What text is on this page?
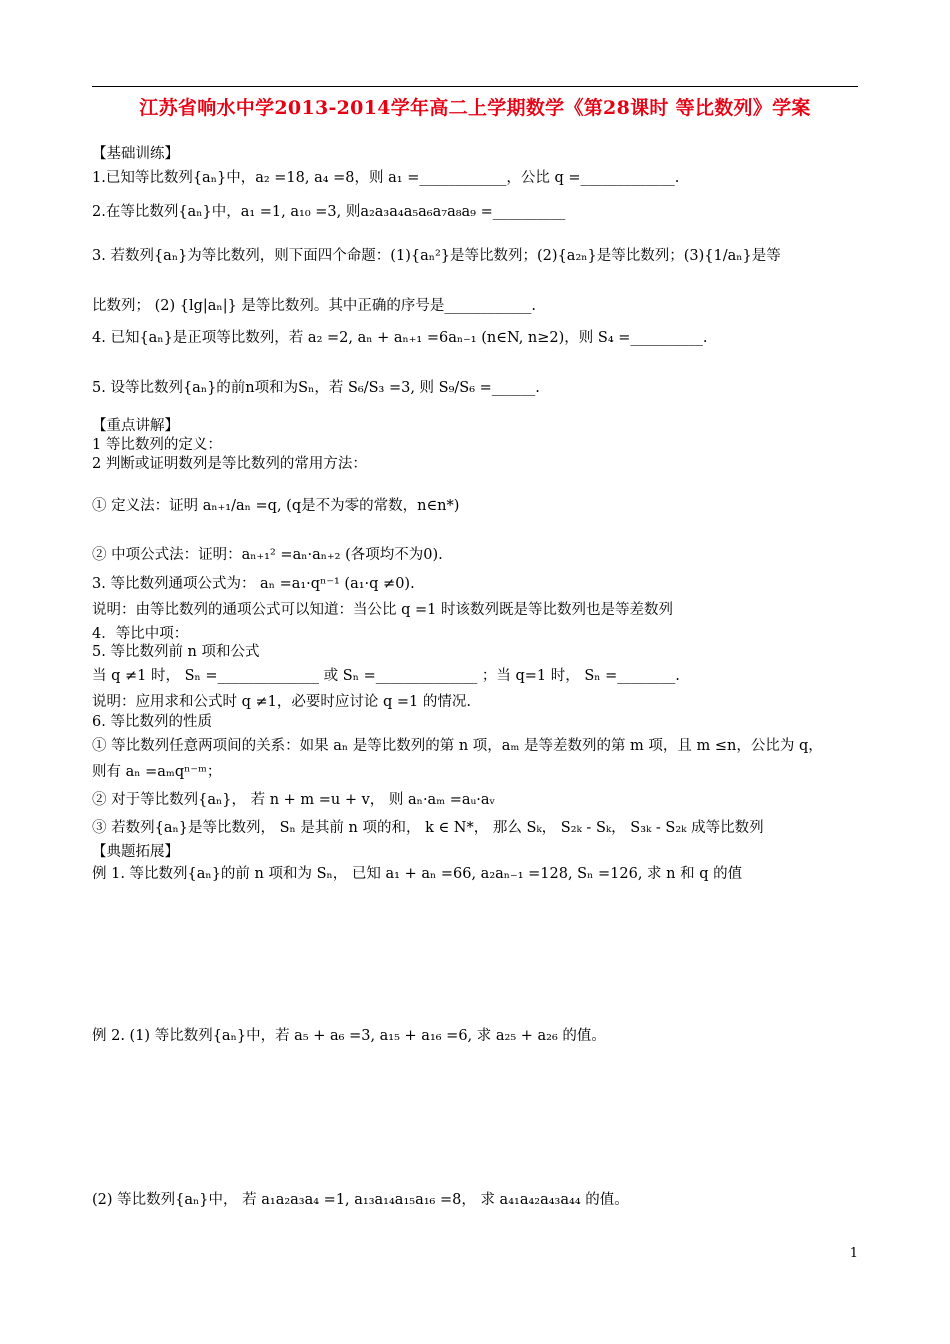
江苏省响水中学2013-2014学年高二上学期数学《第28课时 等比数列》学案
【基础训练】
1.已知等比数列{aₙ}中，a₂ =18, a₄ =8，则 a₁ =____________，公比 q =_____________.
2.在等比数列{aₙ}中，a₁ =1, a₁₀ =3, 则a₂a₃a₄a₅a₆a₇a₈a₉ =__________
3. 若数列{aₙ}为等比数列，则下面四个命题：(1){aₙ²}是等比数列；(2){a₂ₙ}是等比数列；(3){1/aₙ}是等
比数列； (2) {lg|aₙ|} 是等比数列。其中正确的序号是____________.
4. 已知{aₙ}是正项等比数列，若 a₂ =2, aₙ + aₙ₊₁ =6aₙ₋₁ (n∈N, n≥2)，则 S₄ =__________.
5. 设等比数列{aₙ}的前n项和为Sₙ，若 S₆/S₃ =3, 则 S₉/S₆ =______.
【重点讲解】
1 等比数列的定义：
2 判断或证明数列是等比数列的常用方法：
① 定义法：证明 aₙ₊₁/aₙ =q, (q是不为零的常数，n∈n*)
② 中项公式法：证明：aₙ₊₁² =aₙ·aₙ₊₂ (各项均不为0).
3. 等比数列通项公式为： aₙ =a₁·qⁿ⁻¹ (a₁·q ≠0).
说明：由等比数列的通项公式可以知道：当公比 q =1 时该数列既是等比数列也是等差数列
4．等比中项：
5. 等比数列前 n 项和公式
当 q ≠1 时， Sₙ =______________ 或 Sₙ =______________ ；当 q=1 时， Sₙ =________.
说明：应用求和公式时 q ≠1，必要时应讨论 q =1 的情况.
6. 等比数列的性质
① 等比数列任意两项间的关系：如果 aₙ 是等比数列的第 n 项，aₘ 是等差数列的第 m 项，且 m ≤n，公比为 q，
则有 aₙ =aₘqⁿ⁻ᵐ；
② 对于等比数列{aₙ}， 若 n + m =u + v， 则 aₙ·aₘ =aᵤ·aᵥ
③ 若数列{aₙ}是等比数列， Sₙ 是其前 n 项的和， k ∈ N*， 那么 Sₖ， S₂ₖ - Sₖ， S₃ₖ - S₂ₖ 成等比数列
【典题拓展】
例 1. 等比数列{aₙ}的前 n 项和为 Sₙ， 已知 a₁ + aₙ =66, a₂aₙ₋₁ =128, Sₙ =126, 求 n 和 q 的值
例 2. (1) 等比数列{aₙ}中，若 a₅ + a₆ =3, a₁₅ + a₁₆ =6, 求 a₂₅ + a₂₆ 的值。
(2) 等比数列{aₙ}中， 若 a₁a₂a₃a₄ =1, a₁₃a₁₄a₁₅a₁₆ =8， 求 a₄₁a₄₂a₄₃a₄₄ 的值。
1
